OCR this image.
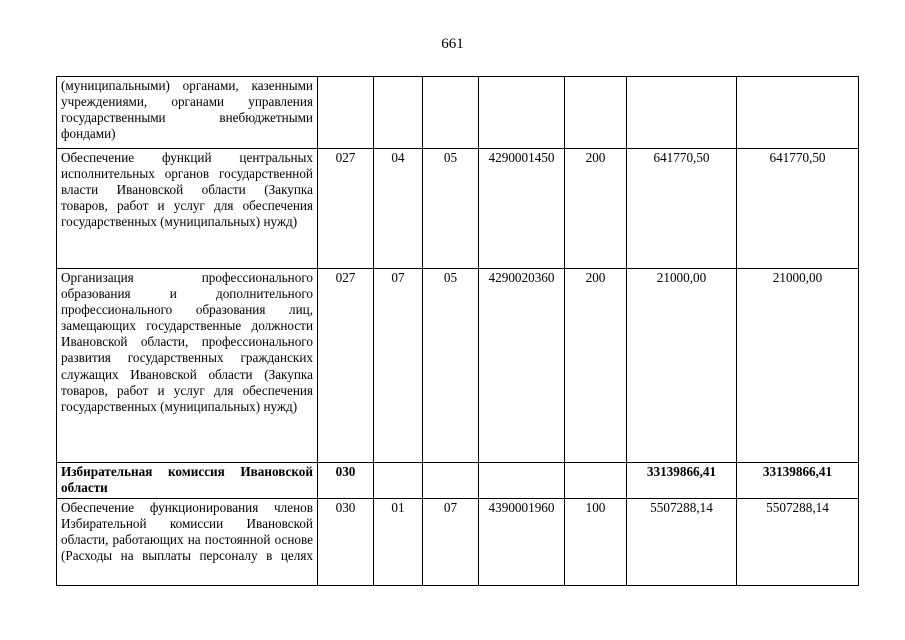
661
(муниципальными) органами, казенными учреждениями, органами управления государственными внебюджетными фондами)							
Обеспечение функций центральных исполнительных органов государственной власти Ивановской области (Закупка товаров, работ и услуг для обеспечения государственных (муниципальных) нужд)	027	04	05	4290001450	200	641770,50	641770,50
Организация профессионального образования и дополнительного профессионального образования лиц, замещающих государственные должности Ивановской области, профессионального развития государственных гражданских служащих Ивановской области (Закупка товаров, работ и услуг для обеспечения государственных (муниципальных) нужд)	027	07	05	4290020360	200	21000,00	21000,00
Избирательная комиссия Ивановской области	030					33139866,41	33139866,41
Обеспечение функционирования членов Избирательной комиссии Ивановской области, работающих на постоянной основе (Расходы на выплаты персоналу в целях	030	01	07	4390001960	100	5507288,14	5507288,14
